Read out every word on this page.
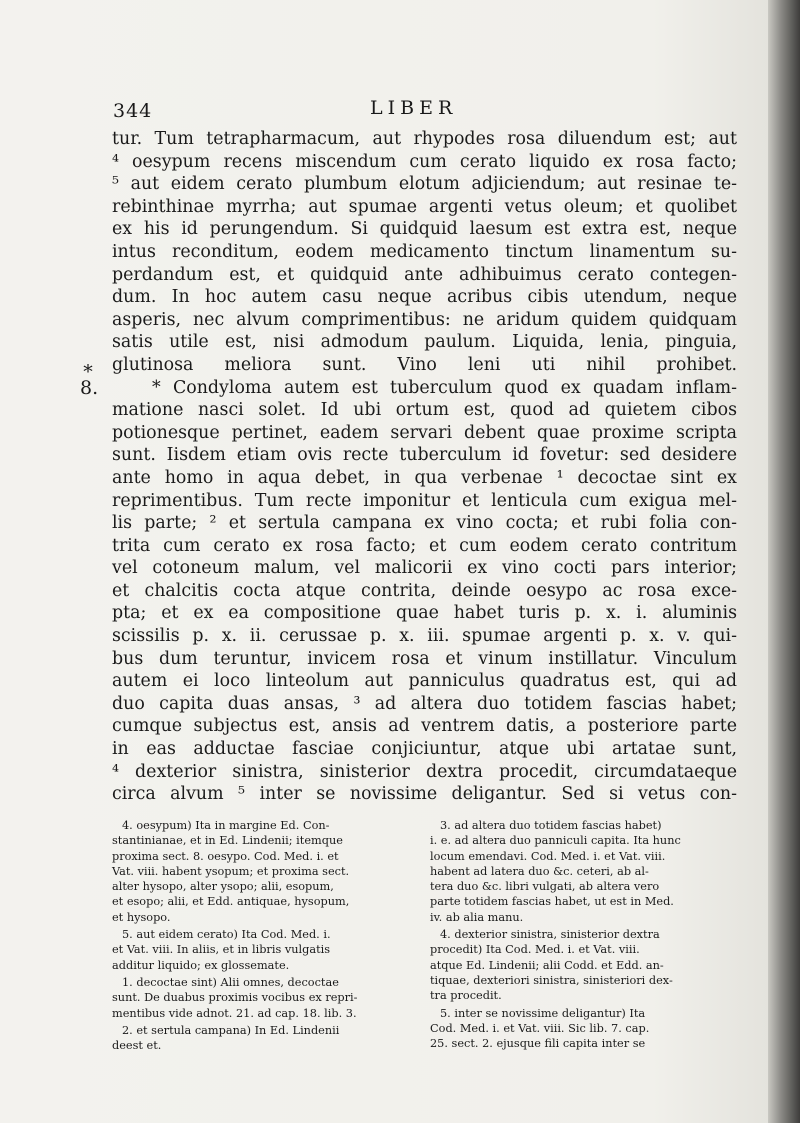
344	LIBER
*
8.
tur. Tum tetrapharmacum, aut rhypodes rosa diluendum est; aut
⁴ oesypum recens miscendum cum cerato liquido ex rosa facto;
⁵ aut eidem cerato plumbum elotum adjiciendum; aut resinae te-
rebinthinae myrrha; aut spumae argenti vetus oleum; et quolibet
ex his id perungendum. Si quidquid laesum est extra est, neque
intus reconditum, eodem medicamento tinctum linamentum su-
perdandum est, et quidquid ante adhibuimus cerato contegen-
dum. In hoc autem casu neque acribus cibis utendum, neque
asperis, nec alvum comprimentibus: ne aridum quidem quidquam
satis utile est, nisi admodum paulum. Liquida, lenia, pinguia,
glutinosa meliora sunt. Vino leni uti nihil prohibet.
* Condyloma autem est tuberculum quod ex quadam inflam-
matione nasci solet. Id ubi ortum est, quod ad quietem cibos
potionesque pertinet, eadem servari debent quae proxime scripta
sunt. Iisdem etiam ovis recte tuberculum id fovetur: sed desidere
ante homo in aqua debet, in qua verbenae ¹ decoctae sint ex
reprimentibus. Tum recte imponitur et lenticula cum exigua mel-
lis parte; ² et sertula campana ex vino cocta; et rubi folia con-
trita cum cerato ex rosa facto; et cum eodem cerato contritum
vel cotoneum malum, vel malicorii ex vino cocti pars interior;
et chalcitis cocta atque contrita, deinde oesypo ac rosa exce-
pta; et ex ea compositione quae habet turis p. x. i. aluminis
scissilis p. x. ii. cerussae p. x. iii. spumae argenti p. x. v. qui-
bus dum teruntur, invicem rosa et vinum instillatur. Vinculum
autem ei loco linteolum aut panniculus quadratus est, qui ad
duo capita duas ansas, ³ ad altera duo totidem fascias habet;
cumque subjectus est, ansis ad ventrem datis, a posteriore parte
in eas adductae fasciae conjiciuntur, atque ubi artatae sunt,
⁴ dexterior sinistra, sinisterior dextra procedit, circumdataeque
circa alvum ⁵ inter se novissime deligantur. Sed si vetus con-
4. oesypum) Ita in margine Ed. Con-
stantinianae, et in Ed. Lindenii; itemque
proxima sect. 8. oesypo. Cod. Med. i. et
Vat. viii. habent ysopum; et proxima sect.
alter hysopo, alter ysopo; alii, esopum,
et esopo; alii, et Edd. antiquae, hysopum,
et hysopo.
5. aut eidem cerato) Ita Cod. Med. i.
et Vat. viii. In aliis, et in libris vulgatis
additur liquido; ex glossemate.
1. decoctae sint) Alii omnes, decoctae
sunt. De duabus proximis vocibus ex repri-
mentibus vide adnot. 21. ad cap. 18. lib. 3.
2. et sertula campana) In Ed. Lindenii
deest et.
3. ad altera duo totidem fascias habet)
i. e. ad altera duo panniculi capita. Ita hunc
locum emendavi. Cod. Med. i. et Vat. viii.
habent ad latera duo &c. ceteri, ab al-
tera duo &c. libri vulgati, ab altera vero
parte totidem fascias habet, ut est in Med.
iv. ab alia manu.
4. dexterior sinistra, sinisterior dextra
procedit) Ita Cod. Med. i. et Vat. viii.
atque Ed. Lindenii; alii Codd. et Edd. an-
tiquae, dexteriori sinistra, sinisteriori dex-
tra procedit.
5. inter se novissime deligantur) Ita
Cod. Med. i. et Vat. viii. Sic lib. 7. cap.
25. sect. 2. ejusque fili capita inter se
